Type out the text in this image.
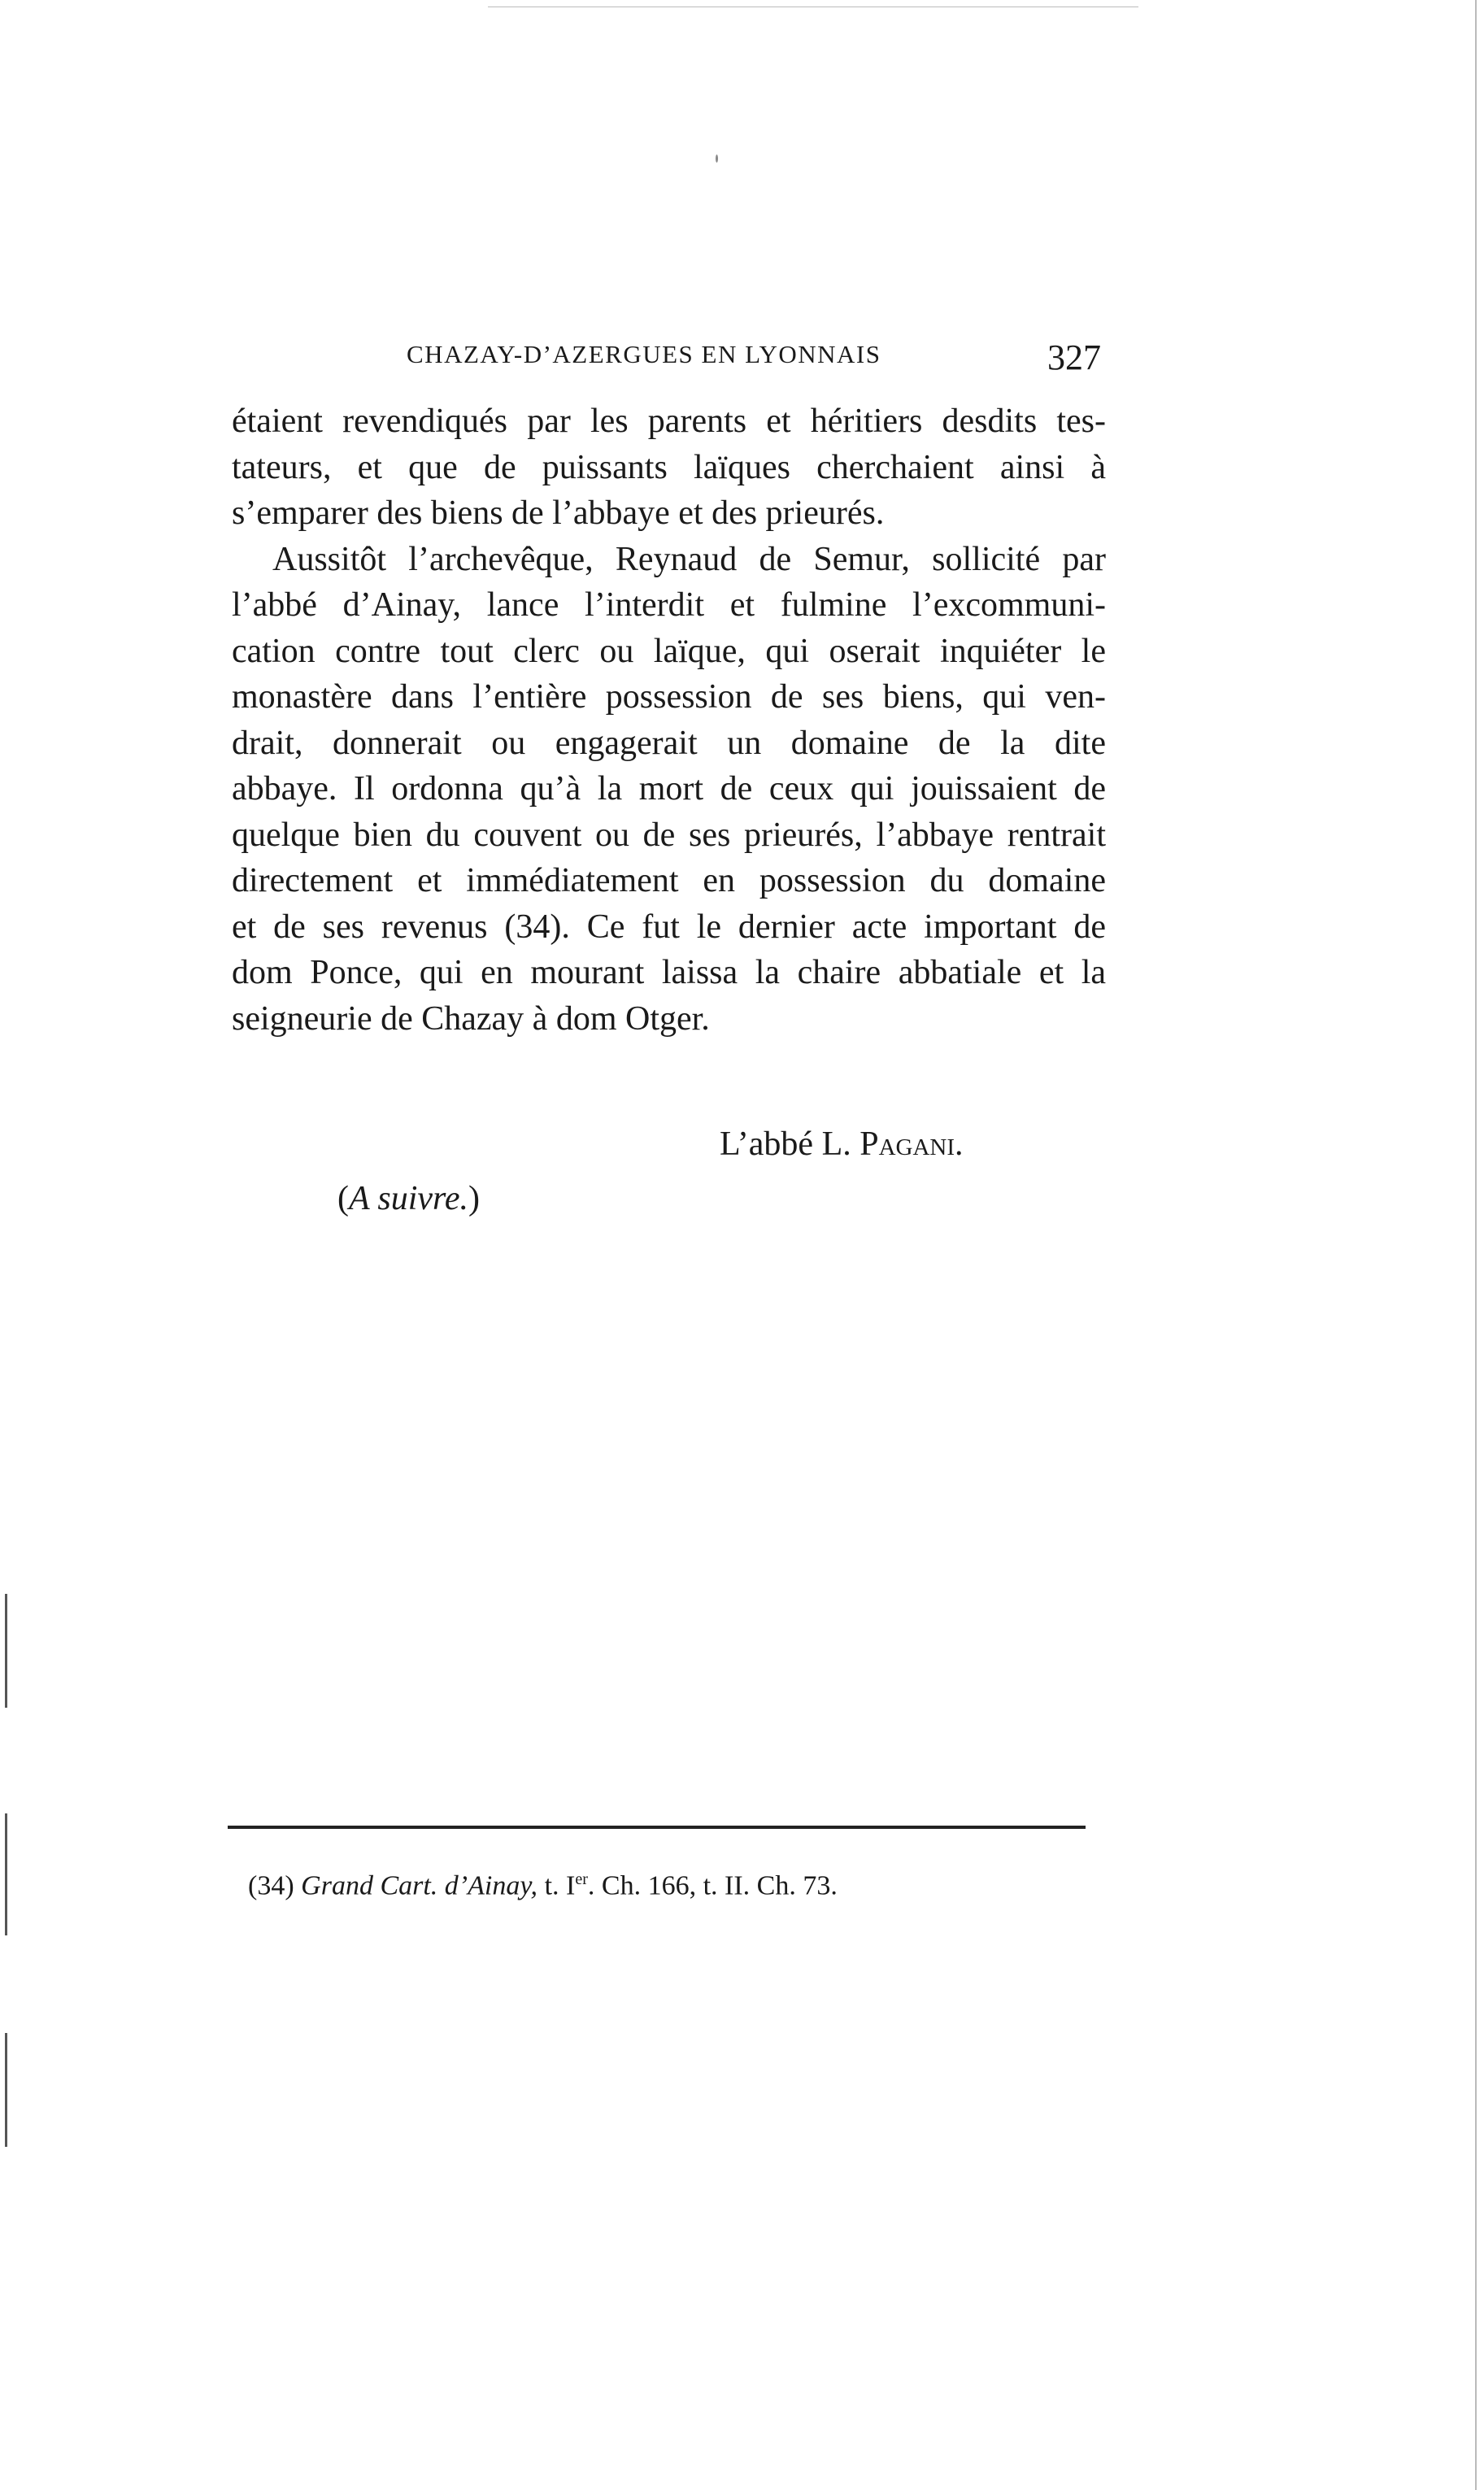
CHAZAY-D’AZERGUES EN LYONNAIS	327

étaient revendiqués par les parents et héritiers desdits tes-
tateurs, et que de puissants laïques cherchaient ainsi à
s’emparer des biens de l’abbaye et des prieurés.

Aussitôt l’archevêque, Reynaud de Semur, sollicité par
l’abbé d’Ainay, lance l’interdit et fulmine l’excommuni-
cation contre tout clerc ou laïque, qui oserait inquiéter le
monastère dans l’entière possession de ses biens, qui ven-
drait, donnerait ou engagerait un domaine de la dite
abbaye. Il ordonna qu’à la mort de ceux qui jouissaient de
quelque bien du couvent ou de ses prieurés, l’abbaye rentrait
directement et immédiatement en possession du domaine
et de ses revenus (34). Ce fut le dernier acte important de
dom Ponce, qui en mourant laissa la chaire abbatiale et la
seigneurie de Chazay à dom Otger.

L’abbé L. Pagani.
(A suivre.)
(34) Grand Cart. d’Ainay, t. Ier. Ch. 166, t. II. Ch. 73.
